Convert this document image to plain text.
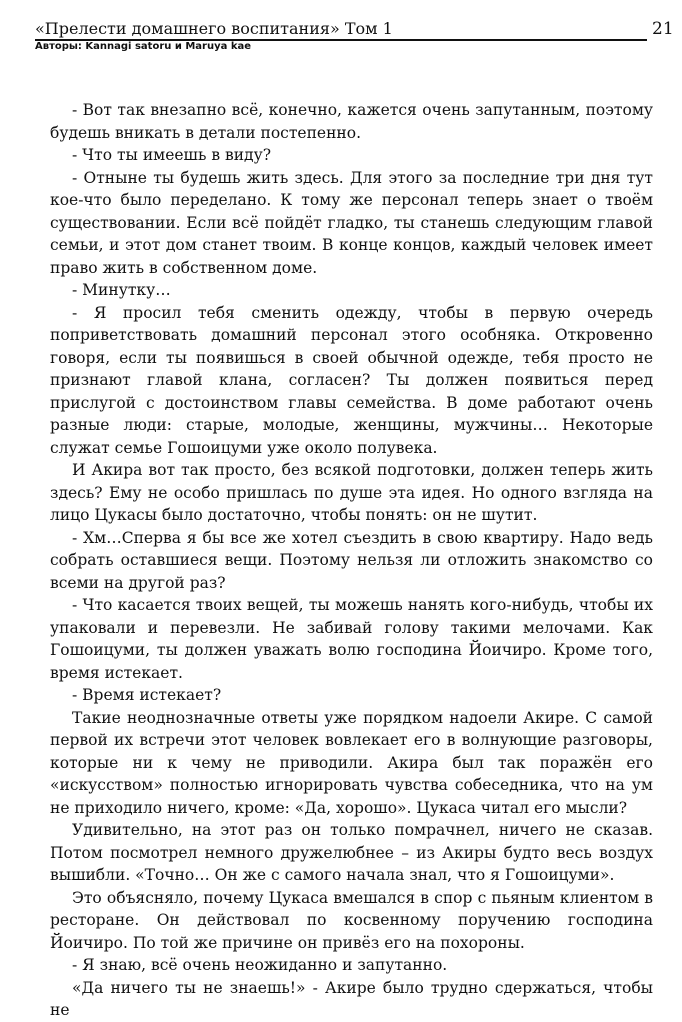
«Прелести домашнего воспитания» Том 1
Авторы: Kannagi satoru и Maruya kae
21

- Вот так внезапно всё, конечно, кажется очень запутанным, поэтому будешь вникать в детали постепенно.

- Что ты имеешь в виду?

- Отныне ты будешь жить здесь. Для этого за последние три дня тут кое-что было переделано. К тому же персонал теперь знает о твоём существовании. Если всё пойдёт гладко, ты станешь следующим главой семьи, и этот дом станет твоим. В конце концов, каждый человек имеет право жить в собственном доме.

- Минутку…

- Я просил тебя сменить одежду, чтобы в первую очередь поприветствовать домашний персонал этого особняка. Откровенно говоря, если ты появишься в своей обычной одежде, тебя просто не признают главой клана, согласен? Ты должен появиться перед прислугой с достоинством главы семейства. В доме работают очень разные люди: старые, молодые, женщины, мужчины… Некоторые служат семье Гошоицуми уже около полувека.

И Акира вот так просто, без всякой подготовки, должен теперь жить здесь? Ему не особо пришлась по душе эта идея. Но одного взгляда на лицо Цукасы было достаточно, чтобы понять: он не шутит.

- Хм…Сперва я бы все же хотел съездить в свою квартиру. Надо ведь собрать оставшиеся вещи. Поэтому нельзя ли отложить знакомство со всеми на другой раз?

- Что касается твоих вещей, ты можешь нанять кого-нибудь, чтобы их упаковали и перевезли. Не забивай голову такими мелочами. Как Гошоицуми, ты должен уважать волю господина Йоичиро. Кроме того, время истекает.

- Время истекает?

Такие неоднозначные ответы уже порядком надоели Акире. С самой первой их встречи этот человек вовлекает его в волнующие разговоры, которые ни к чему не приводили. Акира был так поражён его «искусством» полностью игнорировать чувства собеседника, что на ум не приходило ничего, кроме: «Да, хорошо». Цукаса читал его мысли?

Удивительно, на этот раз он только помрачнел, ничего не сказав. Потом посмотрел немного дружелюбнее – из Акиры будто весь воздух вышибли. «Точно… Он же с самого начала знал, что я Гошоицуми».

Это объясняло, почему Цукаса вмешался в спор с пьяным клиентом в ресторане. Он действовал по косвенному поручению господина Йоичиро. По той же причине он привёз его на похороны.

- Я знаю, всё очень неожиданно и запутанно.

«Да ничего ты не знаешь!» - Акире было трудно сдержаться, чтобы не
